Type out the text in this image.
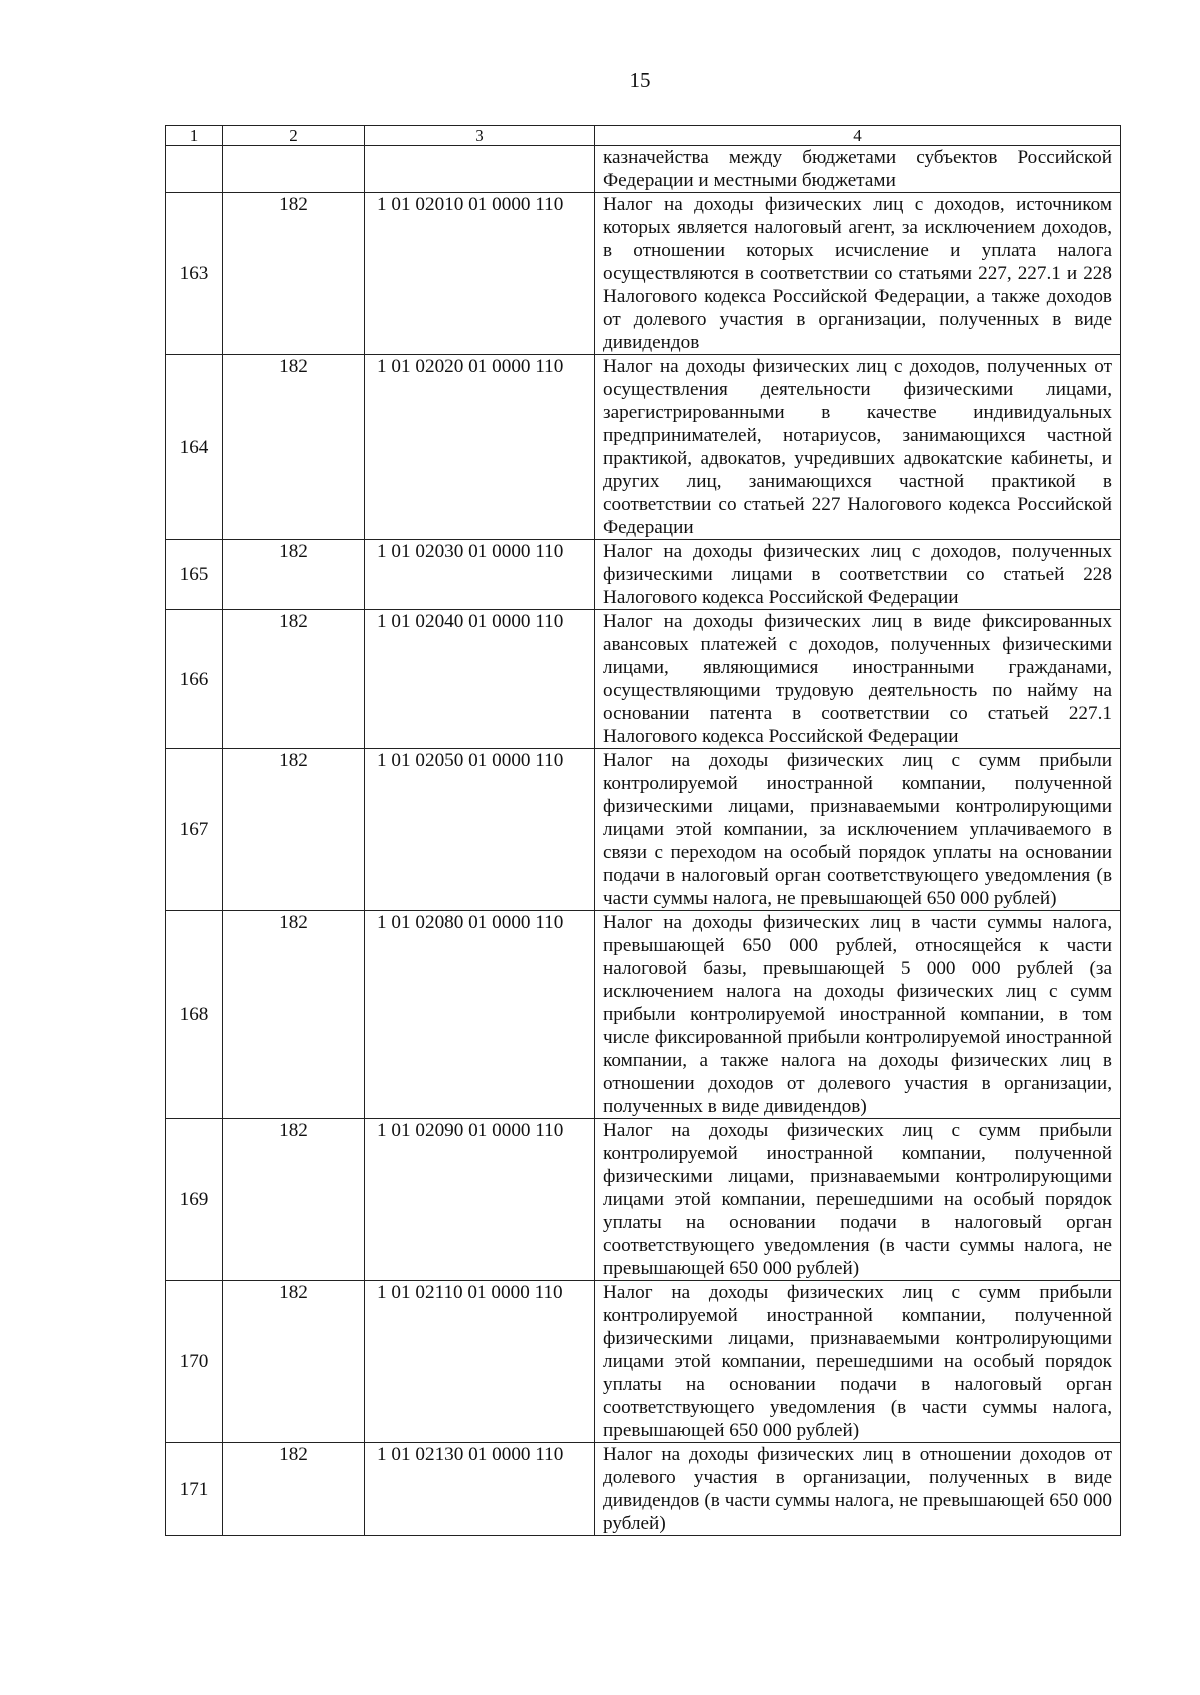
15
1	2	3	4
			казначейства между бюджетами субъектов Российской Федерации и местными бюджетами
163	182	1 01 02010 01 0000 110	Налог на доходы физических лиц с доходов, источником которых является налоговый агент, за исключением доходов, в отношении которых исчисление и уплата налога осуществляются в соответствии со статьями 227, 227.1 и 228 Налогового кодекса Российской Федерации, а также доходов от долевого участия в организации, полученных в виде дивидендов
164	182	1 01 02020 01 0000 110	Налог на доходы физических лиц с доходов, полученных от осуществления деятельности физическими лицами, зарегистрированными в качестве индивидуальных предпринимателей, нотариусов, занимающихся частной практикой, адвокатов, учредивших адвокатские кабинеты, и других лиц, занимающихся частной практикой в соответствии со статьей 227 Налогового кодекса Российской Федерации
165	182	1 01 02030 01 0000 110	Налог на доходы физических лиц с доходов, полученных физическими лицами в соответствии со статьей 228 Налогового кодекса Российской Федерации
166	182	1 01 02040 01 0000 110	Налог на доходы физических лиц в виде фиксированных авансовых платежей с доходов, полученных физическими лицами, являющимися иностранными гражданами, осуществляющими трудовую деятельность по найму на основании патента в соответствии со статьей 227.1 Налогового кодекса Российской Федерации
167	182	1 01 02050 01 0000 110	Налог на доходы физических лиц с сумм прибыли контролируемой иностранной компании, полученной физическими лицами, признаваемыми контролирующими лицами этой компании, за исключением уплачиваемого в связи с переходом на особый порядок уплаты на основании подачи в налоговый орган соответствующего уведомления (в части суммы налога, не превышающей 650 000 рублей)
168	182	1 01 02080 01 0000 110	Налог на доходы физических лиц в части суммы налога, превышающей 650 000 рублей, относящейся к части налоговой базы, превышающей 5 000 000 рублей (за исключением налога на доходы физических лиц с сумм прибыли контролируемой иностранной компании, в том числе фиксированной прибыли контролируемой иностранной компании, а также налога на доходы физических лиц в отношении доходов от долевого участия в организации, полученных в виде дивидендов)
169	182	1 01 02090 01 0000 110	Налог на доходы физических лиц с сумм прибыли контролируемой иностранной компании, полученной физическими лицами, признаваемыми контролирующими лицами этой компании, перешедшими на особый порядок уплаты на основании подачи в налоговый орган соответствующего уведомления (в части суммы налога, не превышающей 650 000 рублей)
170	182	1 01 02110 01 0000 110	Налог на доходы физических лиц с сумм прибыли контролируемой иностранной компании, полученной физическими лицами, признаваемыми контролирующими лицами этой компании, перешедшими на особый порядок уплаты на основании подачи в налоговый орган соответствующего уведомления (в части суммы налога, превышающей 650 000 рублей)
171	182	1 01 02130 01 0000 110	Налог на доходы физических лиц в отношении доходов от долевого участия в организации, полученных в виде дивидендов (в части суммы налога, не превышающей 650 000 рублей)
